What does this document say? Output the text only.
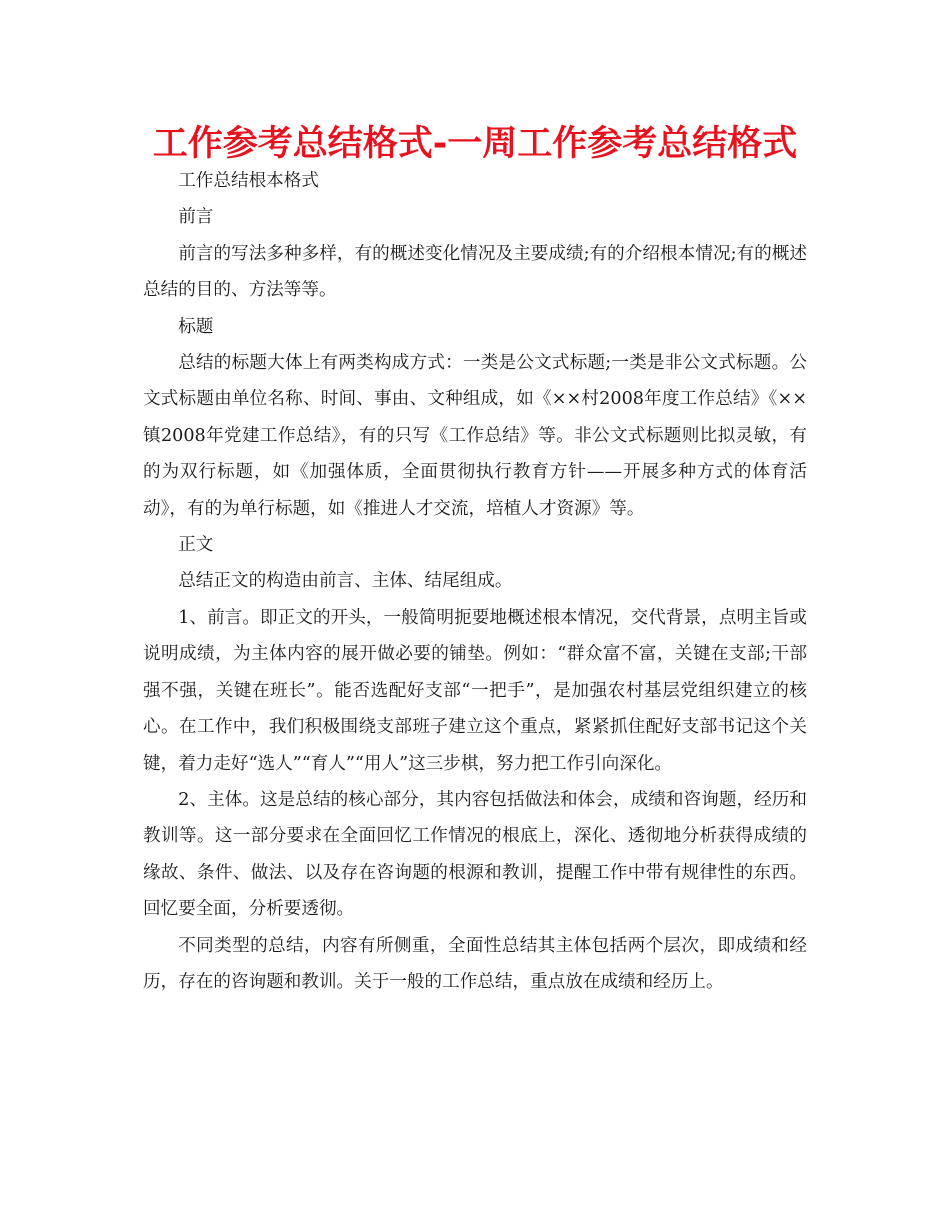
工作参考总结格式-一周工作参考总结格式

工作总结根本格式

前言

前言的写法多种多样，有的概述变化情况及主要成绩;有的介绍根本情况;有的概述总结的目的、方法等等。

标题

总结的标题大体上有两类构成方式：一类是公文式标题;一类是非公文式标题。公文式标题由单位名称、时间、事由、文种组成，如《××村2008年度工作总结》《××镇2008年党建工作总结》，有的只写《工作总结》等。非公文式标题则比拟灵敏，有的为双行标题，如《加强体质，全面贯彻执行教育方针——开展多种方式的体育活动》，有的为单行标题，如《推进人才交流，培植人才资源》等。

正文

总结正文的构造由前言、主体、结尾组成。

1、前言。即正文的开头，一般简明扼要地概述根本情况，交代背景，点明主旨或说明成绩，为主体内容的展开做必要的铺垫。例如：“群众富不富，关键在支部;干部强不强，关键在班长”。能否选配好支部“一把手”，是加强农村基层党组织建立的核心。在工作中，我们积极围绕支部班子建立这个重点，紧紧抓住配好支部书记这个关键，着力走好“选人”“育人”“用人”这三步棋，努力把工作引向深化。

2、主体。这是总结的核心部分，其内容包括做法和体会，成绩和咨询题，经历和教训等。这一部分要求在全面回忆工作情况的根底上，深化、透彻地分析获得成绩的缘故、条件、做法、以及存在咨询题的根源和教训，提醒工作中带有规律性的东西。回忆要全面，分析要透彻。

不同类型的总结，内容有所侧重，全面性总结其主体包括两个层次，即成绩和经历，存在的咨询题和教训。关于一般的工作总结，重点放在成绩和经历上。
